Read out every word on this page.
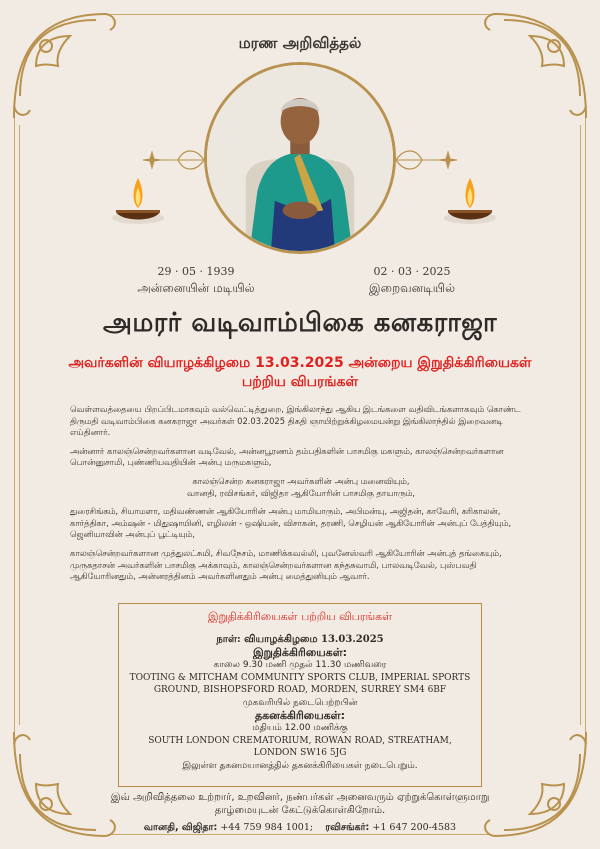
மரண அறிவித்தல்
29 · 05 · 1939
அன்னையின் மடியில்
02 · 03 · 2025
இறைவனடியில்
அமரர் வடிவாம்பிகை கனகராஜா
அவர்களின் வியாழக்கிழமை 13.03.2025 அன்றைய இறுதிக்கிரியைகள்
பற்றிய விபரங்கள்

வெள்ளவத்தையை பிறப்பிடமாகவும் வல்வெட்டித்துறை, இங்கிலாந்து ஆகிய இடங்களை வதிவிடங்களாகவும் கொண்ட திருமதி வடிவாம்பிகை கனகராஜா அவர்கள் 02.03.2025 திகதி ஞாயிற்றுக்கிழமையன்று இங்கிலாந்தில் இறைவனடி எய்தினார்.

அன்னார் காலஞ்சென்றவர்களான வடிவேல், அன்னபூரணம் தம்பதிகளின் பாசமிகு மகளும், காலஞ்சென்றவர்களான பொன்னுசாமி, புண்ணியவதியின் அன்பு மருமகளும்,

காலஞ்சென்ற கனகராஜா அவர்களின் அன்பு மனைவியும்,
வானதி, ரவிசங்கர், விஜிதா ஆகியோரின் பாசமிகு தாயாரும்,

துரைசிங்கம், சியாமளா, மதிவண்ணன் ஆகியோரின் அன்பு மாமியாரும், அபிமன்யு, அஜிதன், காவேரி, கரிகாலன், கார்த்திகா, அம்ஷன் - மிதுஷாயினி, எழிலன் - ஒஷியன், விசாகன், தரணி, செழியன் ஆகியோரின் அன்புப் பேத்தியும், ஜெனியாவின் அன்புப் பூட்டியும்,

காலஞ்சென்றவர்களான முத்துலட்சுமி, சிவநேசம், மாணிக்கவல்லி, புவனேஸ்வரி ஆகியோரின் அன்புத் தங்கையும், முருகதாசன் அவர்களின் பாசமிகு அக்காவும், காலஞ்சென்றவர்களான கந்தசுவாமி, பாலவடிவேல், புஸ்பவதி ஆகியோரினதும், அன்னரத்தினம் அவர்களினதும் அன்பு மைத்துனியும் ஆவார்.

இறுதிக்கிரியைகள் பற்றிய விபரங்கள்
நாள்: வியாழக்கிழமை 13.03.2025
இறுதிக்கிரியைகள்:
காலை 9.30 மணி முதல் 11.30 மணிவரை
TOOTING & MITCHAM COMMUNITY SPORTS CLUB, IMPERIAL SPORTS
GROUND, BISHOPSFORD ROAD, MORDEN, SURREY SM4 6BF
முகவரியில் நடைபெற்றபின்
தகனக்கிரியைகள்:
மதியம் 12.00 மணிக்கு
SOUTH LONDON CREMATORIUM, ROWAN ROAD, STREATHAM,
LONDON SW16 5JG
இலுள்ள தகனமயானத்தில் தகனக்கிரியைகள் நடைபெறும்.
இவ் அறிவித்தலை உற்றார், உறவினர், நண்பர்கள் அனைவரும் ஏற்றுக்கொள்ளுமாறு
தாழ்மையுடன் கேட்டுக்கொள்கிறோம்.
வானதி, விஜிதா: +44 759 984 1001; ரவிசங்கர்: +1 647 200-4583
